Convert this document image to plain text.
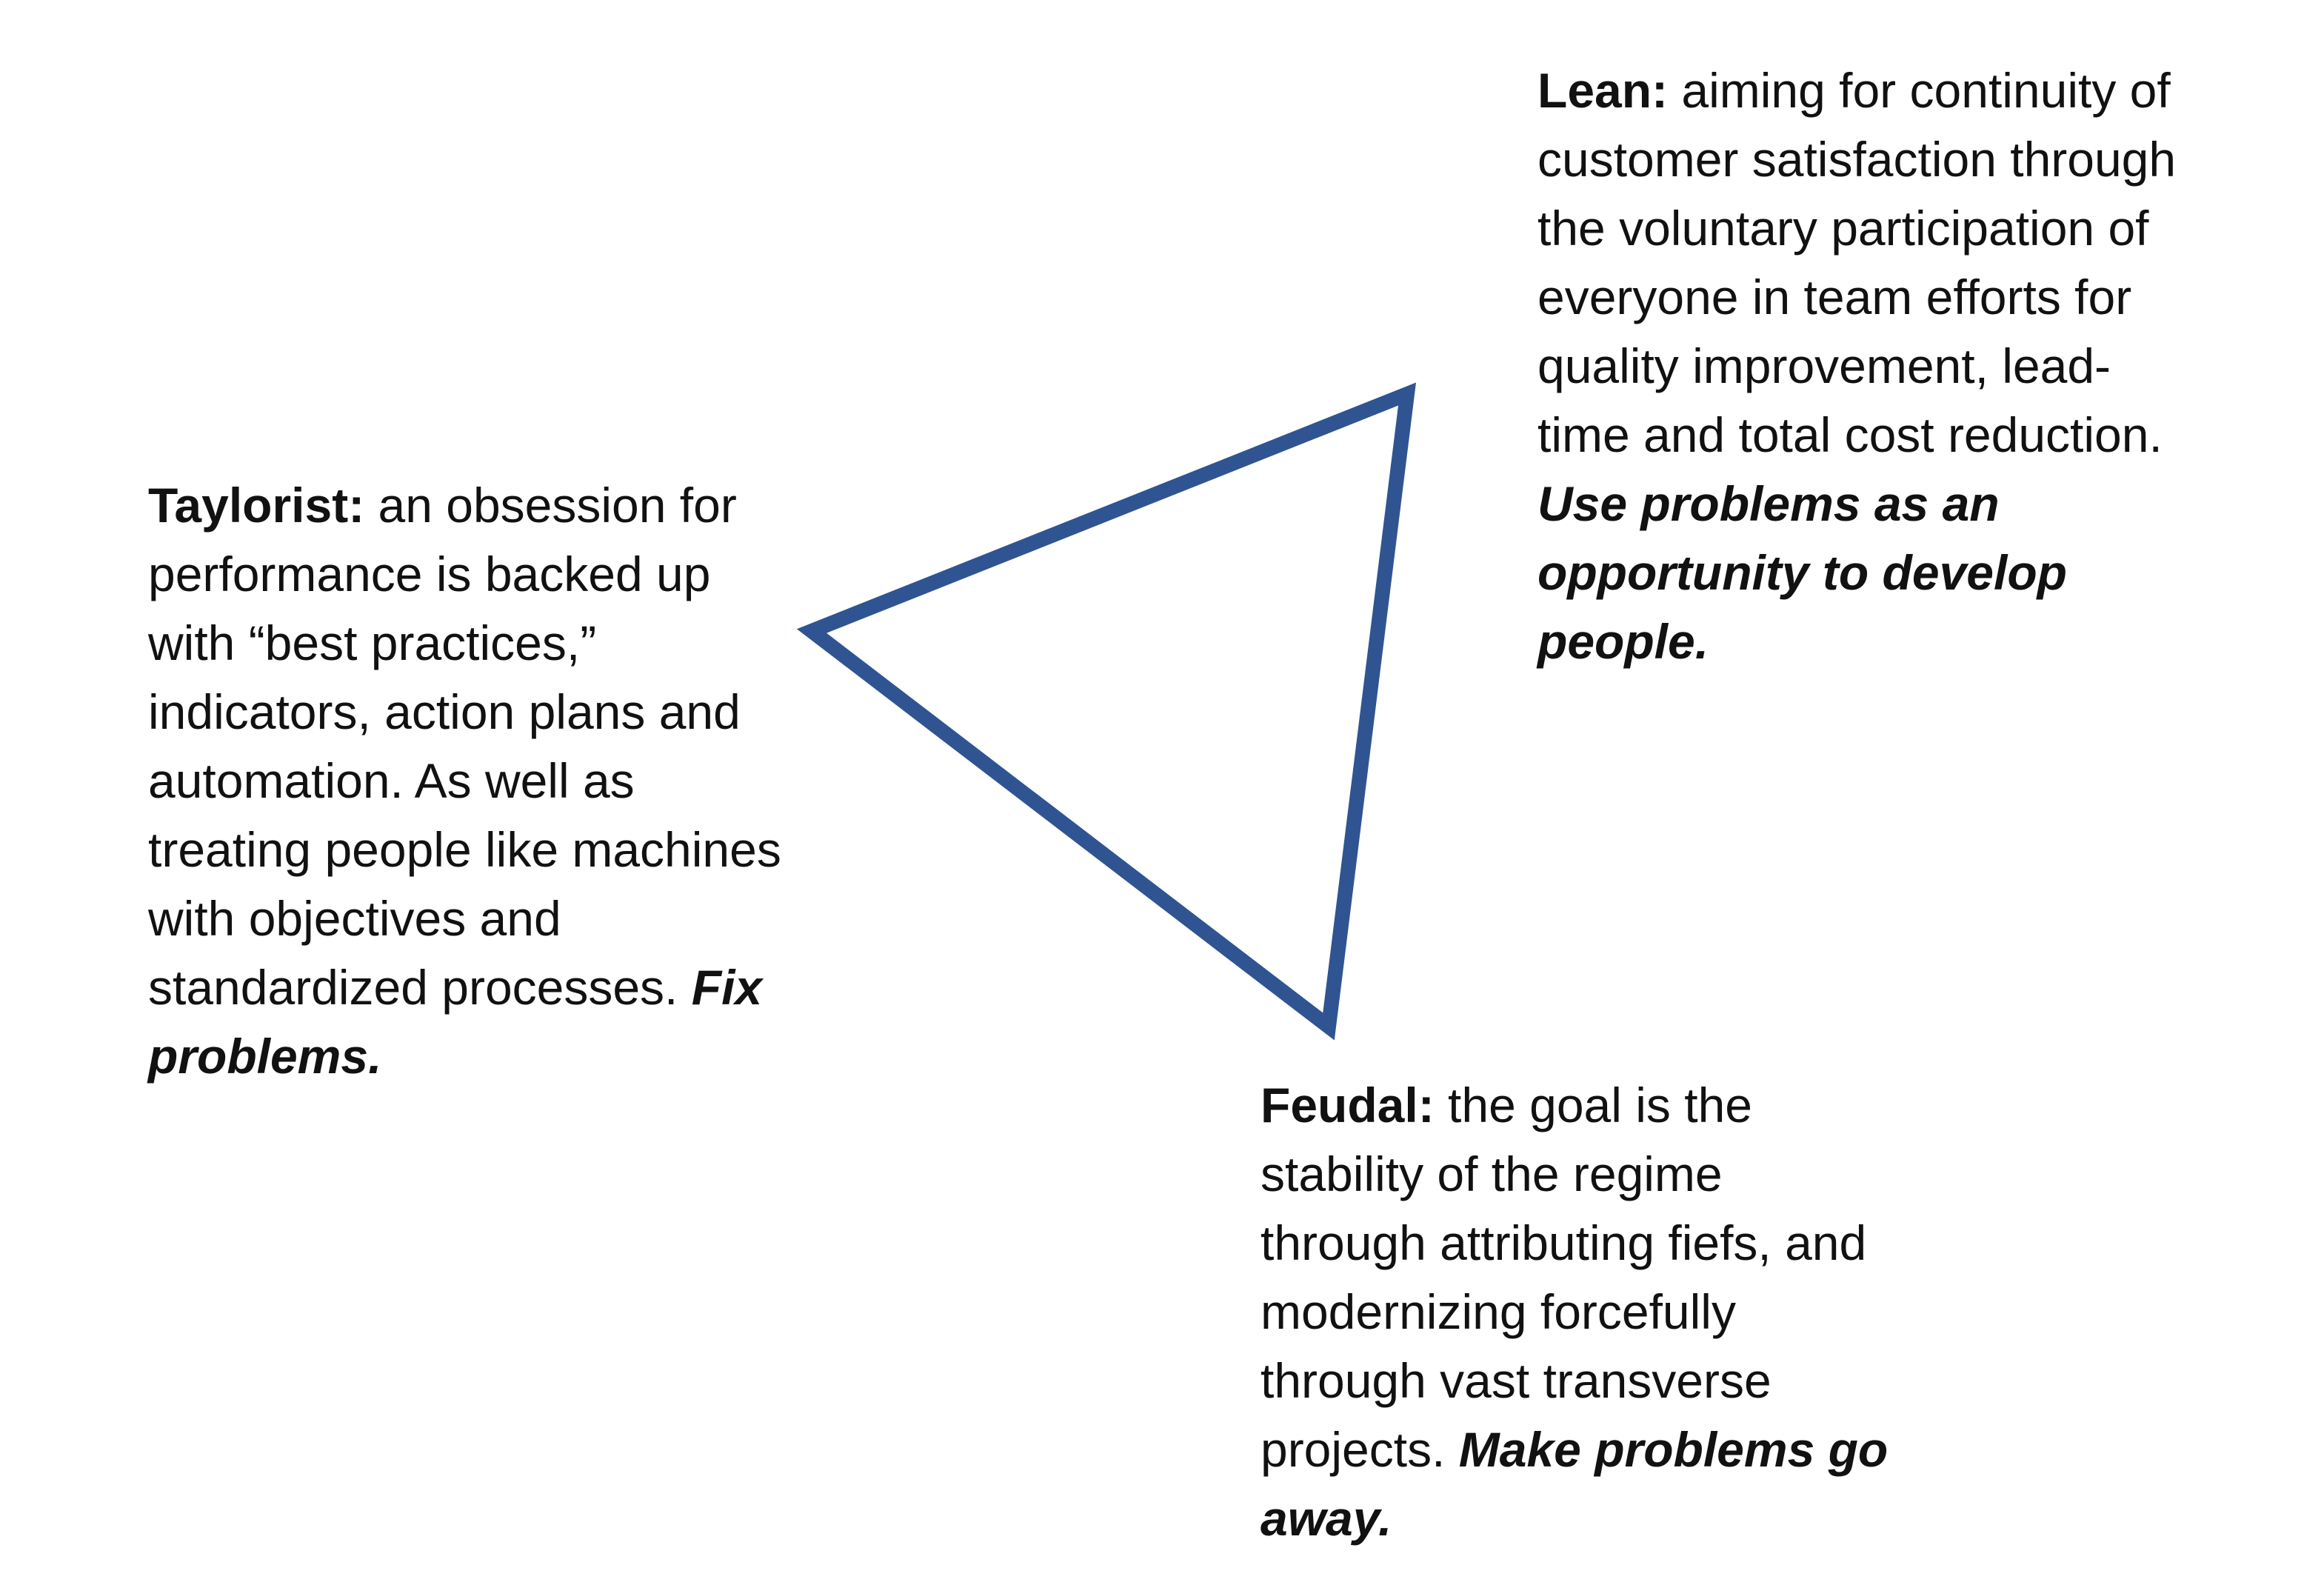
Lean: aiming for continuity of
customer satisfaction through
the voluntary participation of
everyone in team efforts for
quality improvement, lead-
time and total cost reduction.
Use problems as an
opportunity to develop
people.
Taylorist: an obsession for
performance is backed up
with “best practices,”
indicators, action plans and
automation. As well as
treating people like machines
with objectives and
standardized processes. Fix
problems.
Feudal: the goal is the
stability of the regime
through attributing fiefs, and
modernizing forcefully
through vast transverse
projects. Make problems go
away.
